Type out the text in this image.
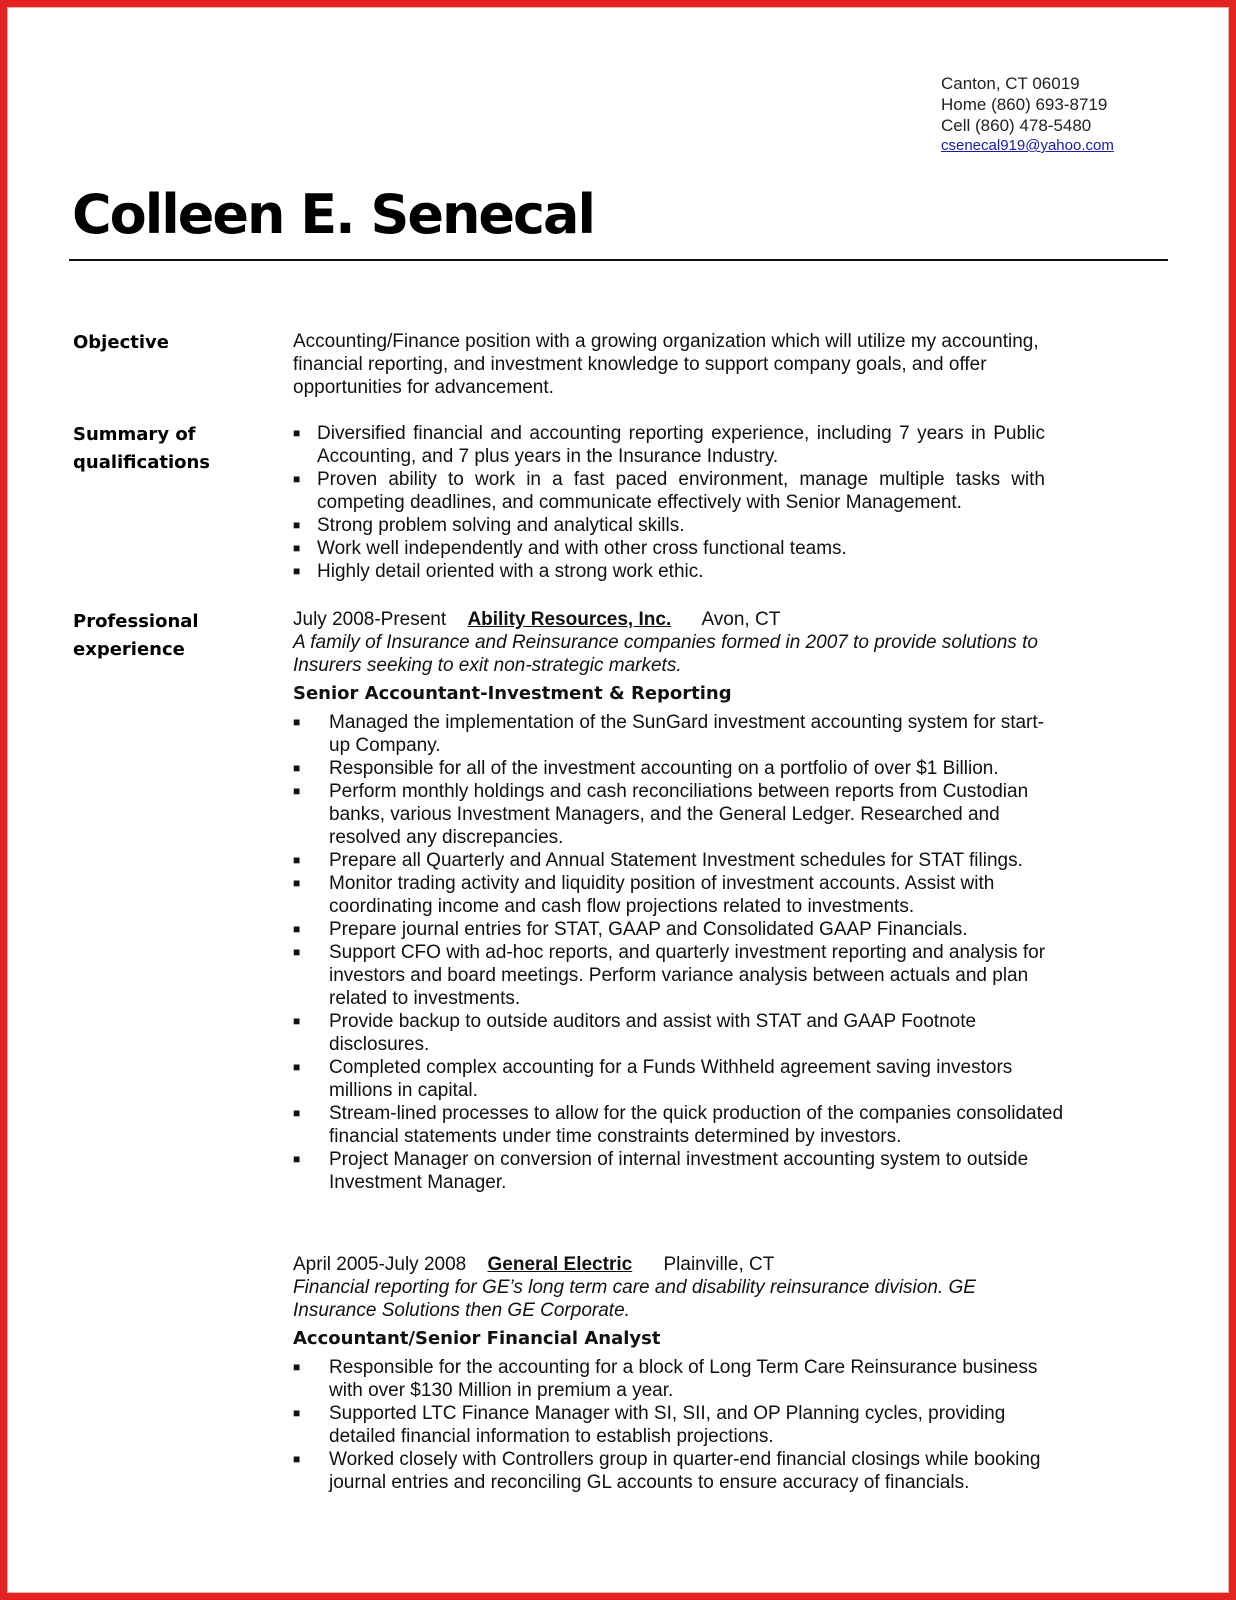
Canton, CT 06019
Home (860) 693-8719
Cell (860) 478-5480
csenecal919@yahoo.com
Colleen E. Senecal
Objective	Accounting/Finance position with a growing organization which will utilize my accounting, financial reporting, and investment knowledge to support company goals, and offer opportunities for advancement.
Summary of
qualifications
■ Diversified financial and accounting reporting experience, including 7 years in Public Accounting, and 7 plus years in the Insurance Industry.
■ Proven ability to work in a fast paced environment, manage multiple tasks with competing deadlines, and communicate effectively with Senior Management.
■ Strong problem solving and analytical skills.
■ Work well independently and with other cross functional teams.
■ Highly detail oriented with a strong work ethic.
Professional
experience
July 2008-Present Ability Resources, Inc. Avon, CT
A family of Insurance and Reinsurance companies formed in 2007 to provide solutions to Insurers seeking to exit non-strategic markets.
Senior Accountant-Investment & Reporting
■	Managed the implementation of the SunGard investment accounting system for start-up Company.
■	Responsible for all of the investment accounting on a portfolio of over $1 Billion.
■	Perform monthly holdings and cash reconciliations between reports from Custodian banks, various Investment Managers, and the General Ledger. Researched and resolved any discrepancies.
■	Prepare all Quarterly and Annual Statement Investment schedules for STAT filings.
■	Monitor trading activity and liquidity position of investment accounts. Assist with coordinating income and cash flow projections related to investments.
■	Prepare journal entries for STAT, GAAP and Consolidated GAAP Financials.
■	Support CFO with ad-hoc reports, and quarterly investment reporting and analysis for investors and board meetings. Perform variance analysis between actuals and plan related to investments.
■	Provide backup to outside auditors and assist with STAT and GAAP Footnote disclosures.
■	Completed complex accounting for a Funds Withheld agreement saving investors millions in capital.
■	Stream-lined processes to allow for the quick production of the companies consolidated financial statements under time constraints determined by investors.
■	Project Manager on conversion of internal investment accounting system to outside Investment Manager.
April 2005-July 2008 General Electric Plainville, CT
Financial reporting for GE’s long term care and disability reinsurance division. GE Insurance Solutions then GE Corporate.
Accountant/Senior Financial Analyst
■	Responsible for the accounting for a block of Long Term Care Reinsurance business with over $130 Million in premium a year.
■	Supported LTC Finance Manager with SI, SII, and OP Planning cycles, providing detailed financial information to establish projections.
■	Worked closely with Controllers group in quarter-end financial closings while booking journal entries and reconciling GL accounts to ensure accuracy of financials.
